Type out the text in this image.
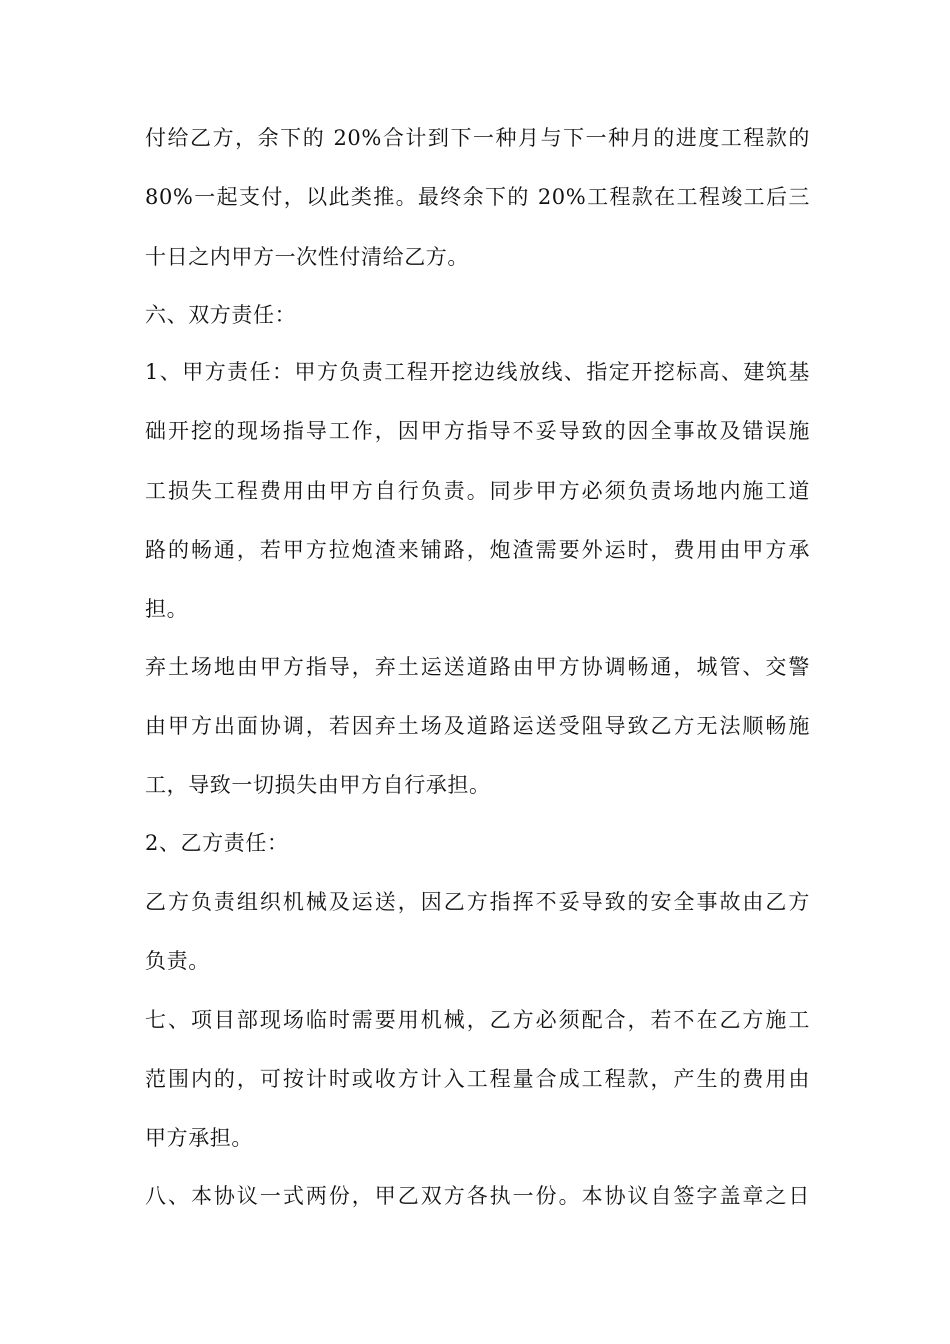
付给乙方，余下的 20%合计到下一种月与下一种月的进度工程款的
80%一起支付，以此类推。最终余下的 20%工程款在工程竣工后三
十日之内甲方一次性付清给乙方。
六、双方责任：
1、甲方责任：甲方负责工程开挖边线放线、指定开挖标高、建筑基
础开挖的现场指导工作，因甲方指导不妥导致的因全事故及错误施
工损失工程费用由甲方自行负责。同步甲方必须负责场地内施工道
路的畅通，若甲方拉炮渣来铺路，炮渣需要外运时，费用由甲方承
担。
弃土场地由甲方指导，弃土运送道路由甲方协调畅通，城管、交警
由甲方出面协调，若因弃土场及道路运送受阻导致乙方无法顺畅施
工，导致一切损失由甲方自行承担。
2、乙方责任：
乙方负责组织机械及运送，因乙方指挥不妥导致的安全事故由乙方
负责。
七、项目部现场临时需要用机械，乙方必须配合，若不在乙方施工
范围内的，可按计时或收方计入工程量合成工程款，产生的费用由
甲方承担。
八、本协议一式两份，甲乙双方各执一份。本协议自签字盖章之日
